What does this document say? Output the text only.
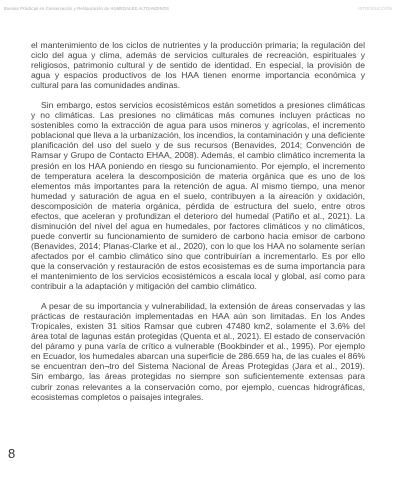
Buenas Prácticas en Conservación y Restauración de HUMEDALES ALTOANDINOS	INTRODUCCIÓN

el mantenimiento de los ciclos de nutrientes y la producción primaria; la regulación del ciclo del agua y clima, además de servicios culturales de recreación, espirituales y religiosos, patrimonio cultural y de sentido de identidad. En especial, la provisión de agua y espacios productivos de los HAA tienen enorme importancia económica y cultural para las comunidades andinas.

Sin embargo, estos servicios ecosistémicos están sometidos a presiones climáticas y no climáticas. Las presiones no climáticas más comunes incluyen prácticas no sostenibles como la extracción de agua para usos mineros y agrícolas, el incremento poblacional que lleva a la urbanización, los incendios, la contaminación y una deficiente planificación del uso del suelo y de sus recursos (Benavides, 2014; Convención de Ramsar y Grupo de Contacto EHAA, 2008). Además, el cambio climático incrementa la presión en los HAA poniendo en riesgo su funcionamiento. Por ejemplo, el incremento de temperatura acelera la descomposición de materia orgánica que es uno de los elementos más importantes para la retención de agua. Al mismo tiempo, una menor humedad y saturación de agua en el suelo, contribuyen a la aireación y oxidación, descomposición de materia orgánica, pérdida de estructura del suelo, entre otros efectos, que aceleran y profundizan el deterioro del humedal (Patiño et al., 2021). La disminución del nivel del agua en humedales, por factores climáticos y no climáticos, puede convertir su funcionamiento de sumidero de carbono hacia emisor de carbono (Benavides, 2014; Planas-Clarke et al., 2020), con lo que los HAA no solamente serían afectados por el cambio climático sino que contribuirían a incrementarlo. Es por ello que la conservación y restauración de estos ecosistemas es de suma importancia para el mantenimiento de los servicios ecosistémicos a escala local y global, así como para contribuir a la adaptación y mitigación del cambio climático.

A pesar de su importancia y vulnerabilidad, la extensión de áreas conservadas y las prácticas de restauración implementadas en HAA aún son limitadas. En los Andes Tropicales, existen 31 sitios Ramsar que cubren 47480 km2, solamente el 3.6% del área total de lagunas están protegidas (Quenta et al., 2021). El estado de conservación del páramo y puna varía de crítico a vulnerable (Bookbinder et al., 1995). Por ejemplo en Ecuador, los humedales abarcan una superficie de 286.659 ha, de las cuales el 86% se encuentran den¬tro del Sistema Nacional de Áreas Protegidas (Jara et al., 2019). Sin embargo, las áreas protegidas no siempre son suficientemente extensas para cubrir zonas relevantes a la conservación como, por ejemplo, cuencas hidrográficas, ecosistemas completos o paisajes integrales.

8
